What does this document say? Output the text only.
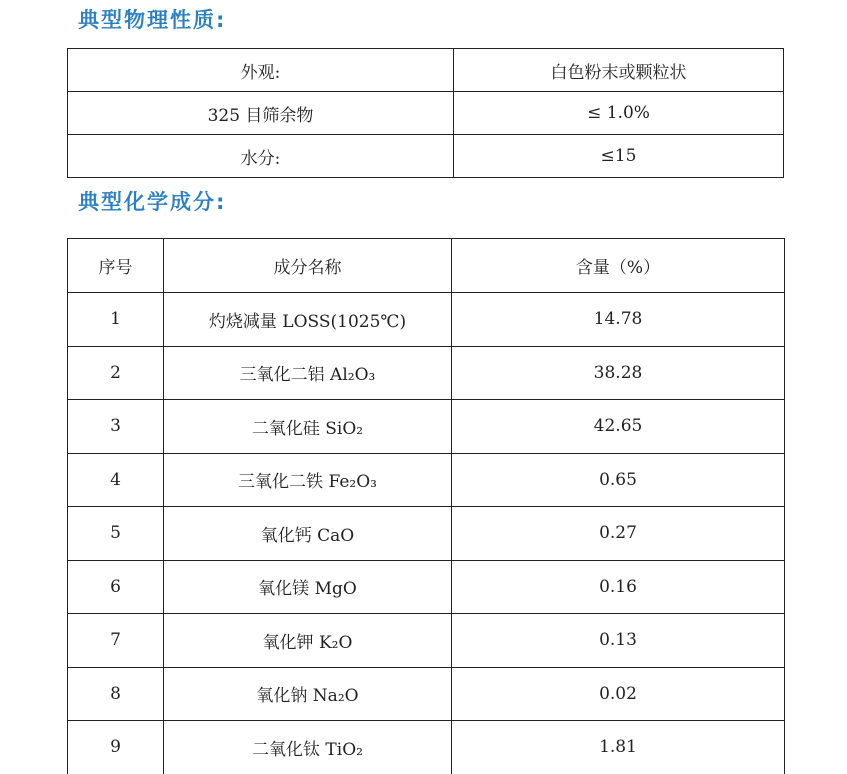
典型物理性质:
外观:	白色粉末或颗粒状
325 目筛余物	≤ 1.0%
水分:	≤15
典型化学成分:
序号	成分名称	含量（%）
1	灼烧减量 LOSS(1025℃)	14.78
2	三氧化二铝 Al₂O₃	38.28
3	二氧化硅 SiO₂	42.65
4	三氧化二铁 Fe₂O₃	0.65
5	氧化钙 CaO	0.27
6	氧化镁 MgO	0.16
7	氧化钾 K₂O	0.13
8	氧化钠 Na₂O	0.02
9	二氧化钛 TiO₂	1.81
